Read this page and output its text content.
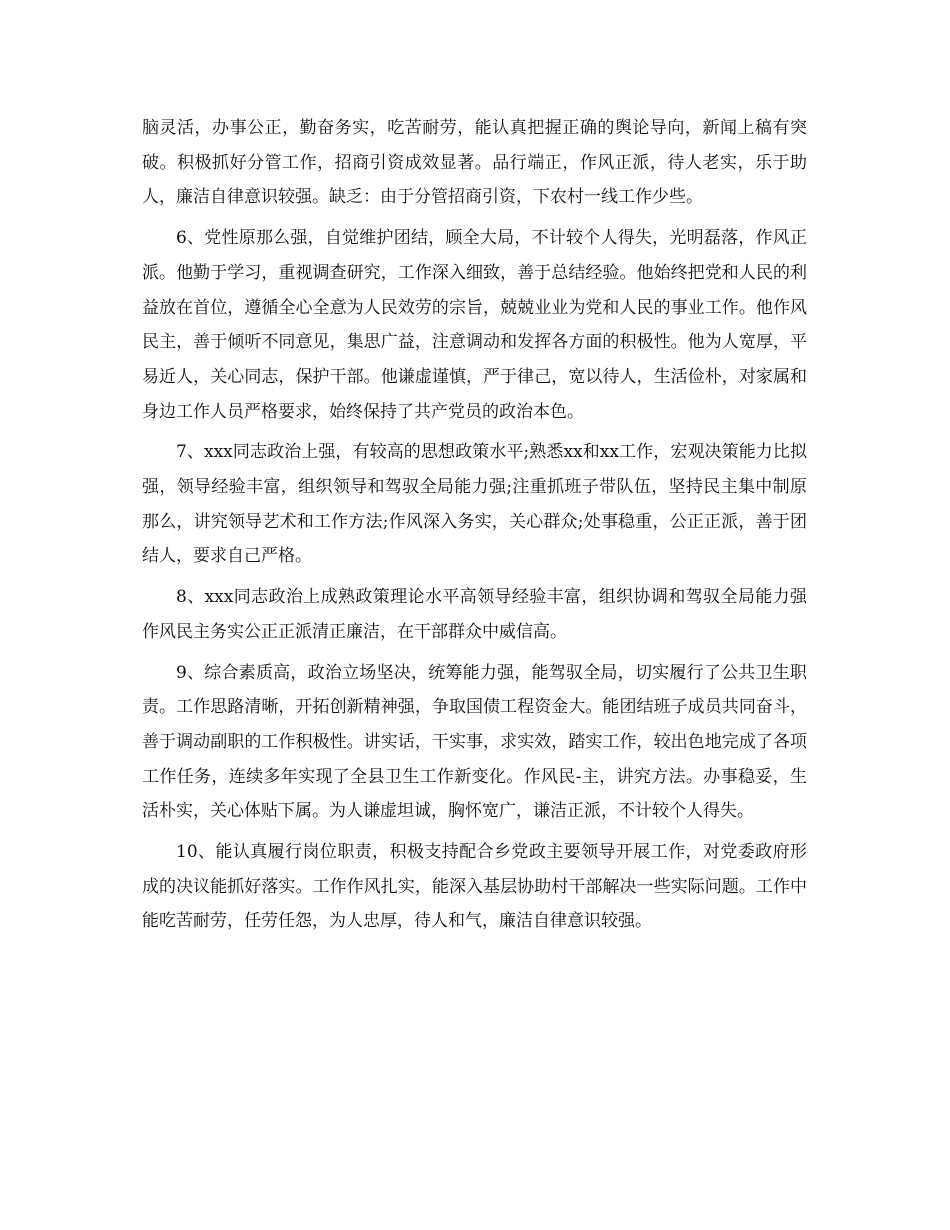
脑灵活，办事公正，勤奋务实，吃苦耐劳，能认真把握正确的舆论导向，新闻上稿有突破。积极抓好分管工作，招商引资成效显著。品行端正，作风正派，待人老实，乐于助人，廉洁自律意识较强。缺乏：由于分管招商引资，下农村一线工作少些。

6、党性原那么强，自觉维护团结，顾全大局，不计较个人得失，光明磊落，作风正派。他勤于学习，重视调查研究，工作深入细致，善于总结经验。他始终把党和人民的利益放在首位，遵循全心全意为人民效劳的宗旨，兢兢业业为党和人民的事业工作。他作风民主，善于倾听不同意见，集思广益，注意调动和发挥各方面的积极性。他为人宽厚，平易近人，关心同志，保护干部。他谦虚谨慎，严于律己，宽以待人，生活俭朴，对家属和身边工作人员严格要求，始终保持了共产党员的政治本色。

7、xxx同志政治上强，有较高的思想政策水平;熟悉xx和xx工作，宏观决策能力比拟强，领导经验丰富，组织领导和驾驭全局能力强;注重抓班子带队伍，坚持民主集中制原那么，讲究领导艺术和工作方法;作风深入务实，关心群众;处事稳重，公正正派，善于团结人，要求自己严格。

8、xxx同志政治上成熟政策理论水平高领导经验丰富，组织协调和驾驭全局能力强作风民主务实公正正派清正廉洁，在干部群众中威信高。

9、综合素质高，政治立场坚决，统筹能力强，能驾驭全局，切实履行了公共卫生职责。工作思路清晰，开拓创新精神强，争取国债工程资金大。能团结班子成员共同奋斗，善于调动副职的工作积极性。讲实话，干实事，求实效，踏实工作，较出色地完成了各项工作任务，连续多年实现了全县卫生工作新变化。作风民-主，讲究方法。办事稳妥，生活朴实，关心体贴下属。为人谦虚坦诚，胸怀宽广，谦洁正派，不计较个人得失。

10、能认真履行岗位职责，积极支持配合乡党政主要领导开展工作，对党委政府形成的决议能抓好落实。工作作风扎实，能深入基层协助村干部解决一些实际问题。工作中能吃苦耐劳，任劳任怨，为人忠厚，待人和气，廉洁自律意识较强。
